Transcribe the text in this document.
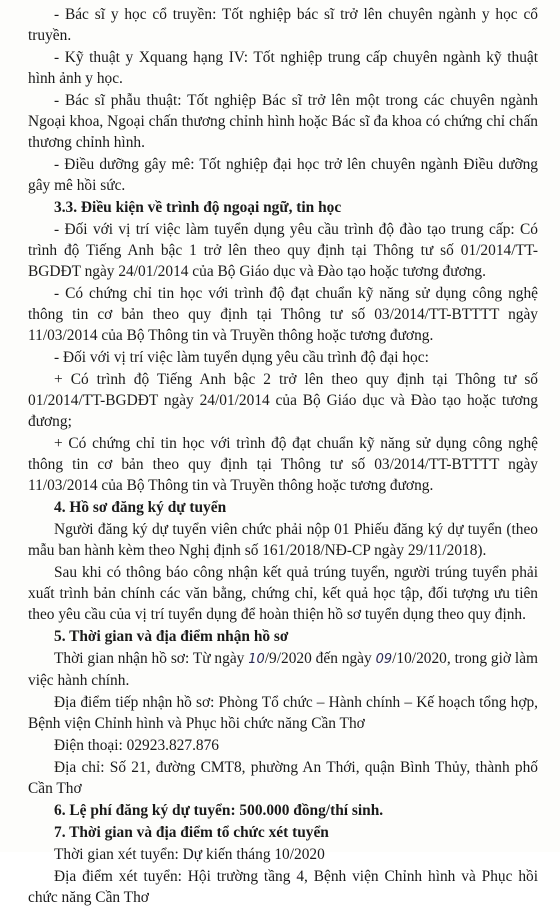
- Bác sĩ y học cổ truyền: Tốt nghiệp bác sĩ trở lên chuyên ngành y học cổ truyền.

- Kỹ thuật y Xquang hạng IV: Tốt nghiệp trung cấp chuyên ngành kỹ thuật hình ảnh y học.

- Bác sĩ phẫu thuật: Tốt nghiệp Bác sĩ trở lên một trong các chuyên ngành Ngoại khoa, Ngoại chấn thương chỉnh hình hoặc Bác sĩ đa khoa có chứng chỉ chấn thương chỉnh hình.

- Điều dưỡng gây mê: Tốt nghiệp đại học trở lên chuyên ngành Điều dưỡng gây mê hồi sức.

3.3. Điều kiện về trình độ ngoại ngữ, tin học

- Đối với vị trí việc làm tuyển dụng yêu cầu trình độ đào tạo trung cấp: Có trình độ Tiếng Anh bậc 1 trở lên theo quy định tại Thông tư số 01/2014/TT-BGDĐT ngày 24/01/2014 của Bộ Giáo dục và Đào tạo hoặc tương đương.

- Có chứng chỉ tin học với trình độ đạt chuẩn kỹ năng sử dụng công nghệ thông tin cơ bản theo quy định tại Thông tư số 03/2014/TT-BTTTT ngày 11/03/2014 của Bộ Thông tin và Truyền thông hoặc tương đương.

- Đối với vị trí việc làm tuyển dụng yêu cầu trình độ đại học:

+ Có trình độ Tiếng Anh bậc 2 trở lên theo quy định tại Thông tư số 01/2014/TT-BGDĐT ngày 24/01/2014 của Bộ Giáo dục và Đào tạo hoặc tương đương;

+ Có chứng chỉ tin học với trình độ đạt chuẩn kỹ năng sử dụng công nghệ thông tin cơ bản theo quy định tại Thông tư số 03/2014/TT-BTTTT ngày 11/03/2014 của Bộ Thông tin và Truyền thông hoặc tương đương.

4. Hồ sơ đăng ký dự tuyển

Người đăng ký dự tuyển viên chức phải nộp 01 Phiếu đăng ký dự tuyển (theo mẫu ban hành kèm theo Nghị định số 161/2018/NĐ-CP ngày 29/11/2018).

Sau khi có thông báo công nhận kết quả trúng tuyển, người trúng tuyển phải xuất trình bản chính các văn bằng, chứng chỉ, kết quả học tập, đối tượng ưu tiên theo yêu cầu của vị trí tuyển dụng để hoàn thiện hồ sơ tuyển dụng theo quy định.

5. Thời gian và địa điểm nhận hồ sơ

Thời gian nhận hồ sơ: Từ ngày 10/9/2020 đến ngày 09/10/2020, trong giờ làm việc hành chính.

Địa điểm tiếp nhận hồ sơ: Phòng Tổ chức – Hành chính – Kế hoạch tổng hợp, Bệnh viện Chỉnh hình và Phục hồi chức năng Cần Thơ

Điện thoại: 02923.827.876

Địa chỉ: Số 21, đường CMT8, phường An Thới, quận Bình Thủy, thành phố Cần Thơ

6. Lệ phí đăng ký dự tuyển: 500.000 đồng/thí sinh.

7. Thời gian và địa điểm tổ chức xét tuyển

Thời gian xét tuyển: Dự kiến tháng 10/2020

Địa điểm xét tuyển: Hội trường tầng 4, Bệnh viện Chỉnh hình và Phục hồi chức năng Cần Thơ
